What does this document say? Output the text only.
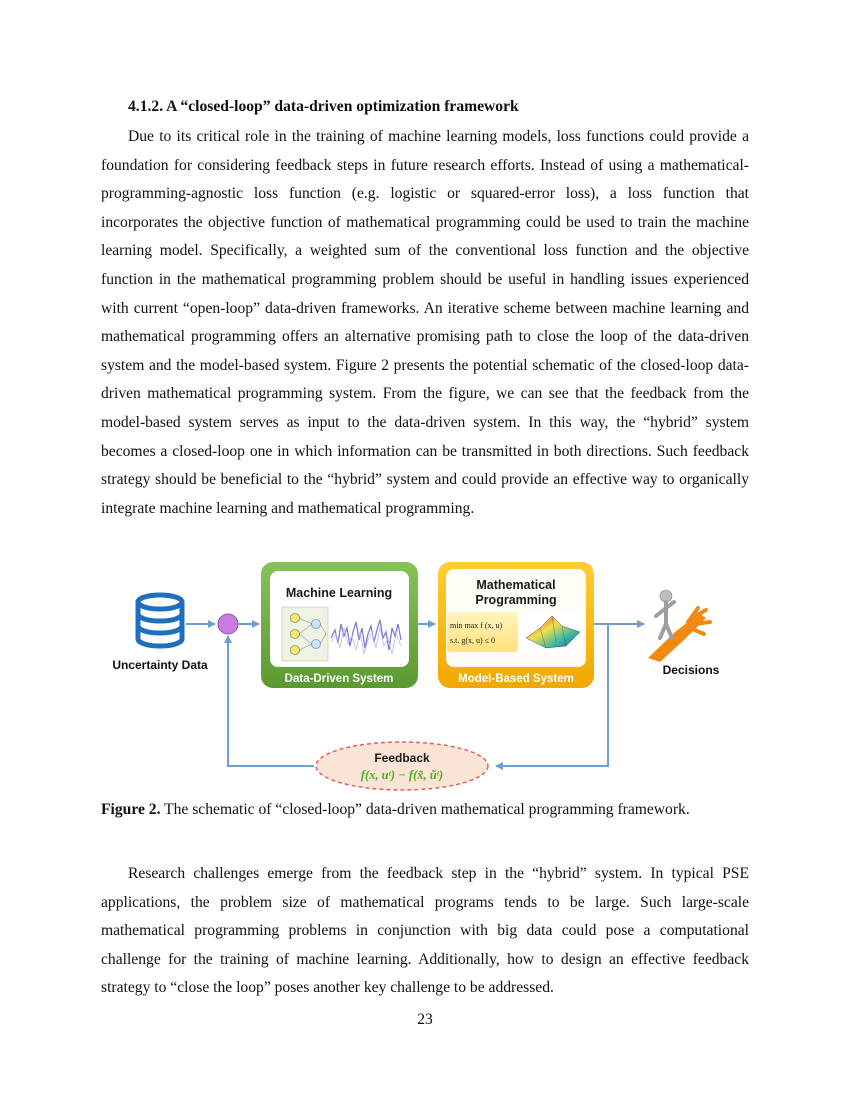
4.1.2. A “closed-loop” data-driven optimization framework

Due to its critical role in the training of machine learning models, loss functions could provide a foundation for considering feedback steps in future research efforts. Instead of using a mathematical-programming-agnostic loss function (e.g. logistic or squared-error loss), a loss function that incorporates the objective function of mathematical programming could be used to train the machine learning model. Specifically, a weighted sum of the conventional loss function and the objective function in the mathematical programming problem should be useful in handling issues experienced with current “open-loop” data-driven frameworks. An iterative scheme between machine learning and mathematical programming offers an alternative promising path to close the loop of the data-driven system and the model-based system. Figure 2 presents the potential schematic of the closed-loop data-driven mathematical programming system. From the figure, we can see that the feedback from the model-based system serves as input to the data-driven system. In this way, the “hybrid” system becomes a closed-loop one in which information can be transmitted in both directions. Such feedback strategy should be beneficial to the “hybrid” system and could provide an effective way to organically integrate machine learning and mathematical programming.

Uncertainty Data
Machine Learning
Data-Driven System
Mathematical
Programming
min max f (x, u)
s.t. g(x, u) ≤ 0
Model-Based System
Decisions
Feedback
f(x, uᵗ) − f(x̃, ũᵗ)
Figure 2. The schematic of “closed-loop” data-driven mathematical programming framework.

Research challenges emerge from the feedback step in the “hybrid” system. In typical PSE applications, the problem size of mathematical programs tends to be large. Such large-scale mathematical programming problems in conjunction with big data could pose a computational challenge for the training of machine learning. Additionally, how to design an effective feedback strategy to “close the loop” poses another key challenge to be addressed.

23
